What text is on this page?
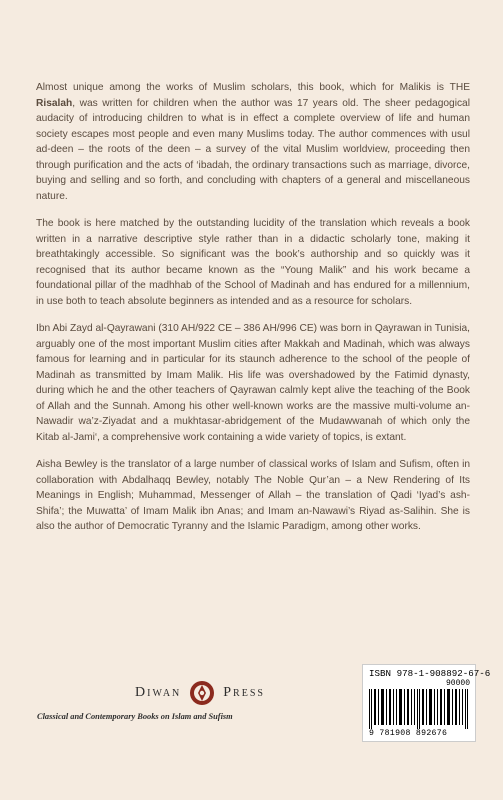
Almost unique among the works of Muslim scholars, this book, which for Malikis is THE Risalah, was written for children when the author was 17 years old. The sheer pedagogical audacity of introducing children to what is in effect a complete overview of life and human society escapes most people and even many Muslims today. The author commences with usul ad-deen – the roots of the deen – a survey of the vital Muslim worldview, proceeding then through purification and the acts of ‘ibadah, the ordinary transactions such as marriage, divorce, buying and selling and so forth, and concluding with chapters of a general and miscellaneous nature.

The book is here matched by the outstanding lucidity of the translation which reveals a book written in a narrative descriptive style rather than in a didactic scholarly tone, making it breathtakingly accessible. So significant was the book’s authorship and so quickly was it recognised that its author became known as the “Young Malik” and his work became a foundational pillar of the madhhab of the School of Madinah and has endured for a millennium, in use both to teach absolute beginners as intended and as a resource for scholars.

Ibn Abi Zayd al-Qayrawani (310 AH/922 CE – 386 AH/996 CE) was born in Qayrawan in Tunisia, arguably one of the most important Muslim cities after Makkah and Madinah, which was always famous for learning and in particular for its staunch adherence to the school of the people of Madinah as transmitted by Imam Malik. His life was overshadowed by the Fatimid dynasty, during which he and the other teachers of Qayrawan calmly kept alive the teaching of the Book of Allah and the Sunnah. Among his other well-known works are the massive multi-volume an-Nawadir wa’z-Ziyadat and a mukhtasar-abridgement of the Mudawwanah of which only the Kitab al-Jami‘, a comprehensive work containing a wide variety of topics, is extant.

Aisha Bewley is the translator of a large number of classical works of Islam and Sufism, often in collaboration with Abdalhaqq Bewley, notably The Noble Qur’an – a New Rendering of Its Meanings in English; Muhammad, Messenger of Allah – the translation of Qadi ‘Iyad’s ash-Shifa’; the Muwatta’ of Imam Malik ibn Anas; and Imam an-Nawawi’s Riyad as-Salihin. She is also the author of Democratic Tyranny and the Islamic Paradigm, among other works.

Diwan	Press
Classical and Contemporary Books on Islam and Sufism
ISBN 978-1-908892-67-6
90000
9 781908 892676
